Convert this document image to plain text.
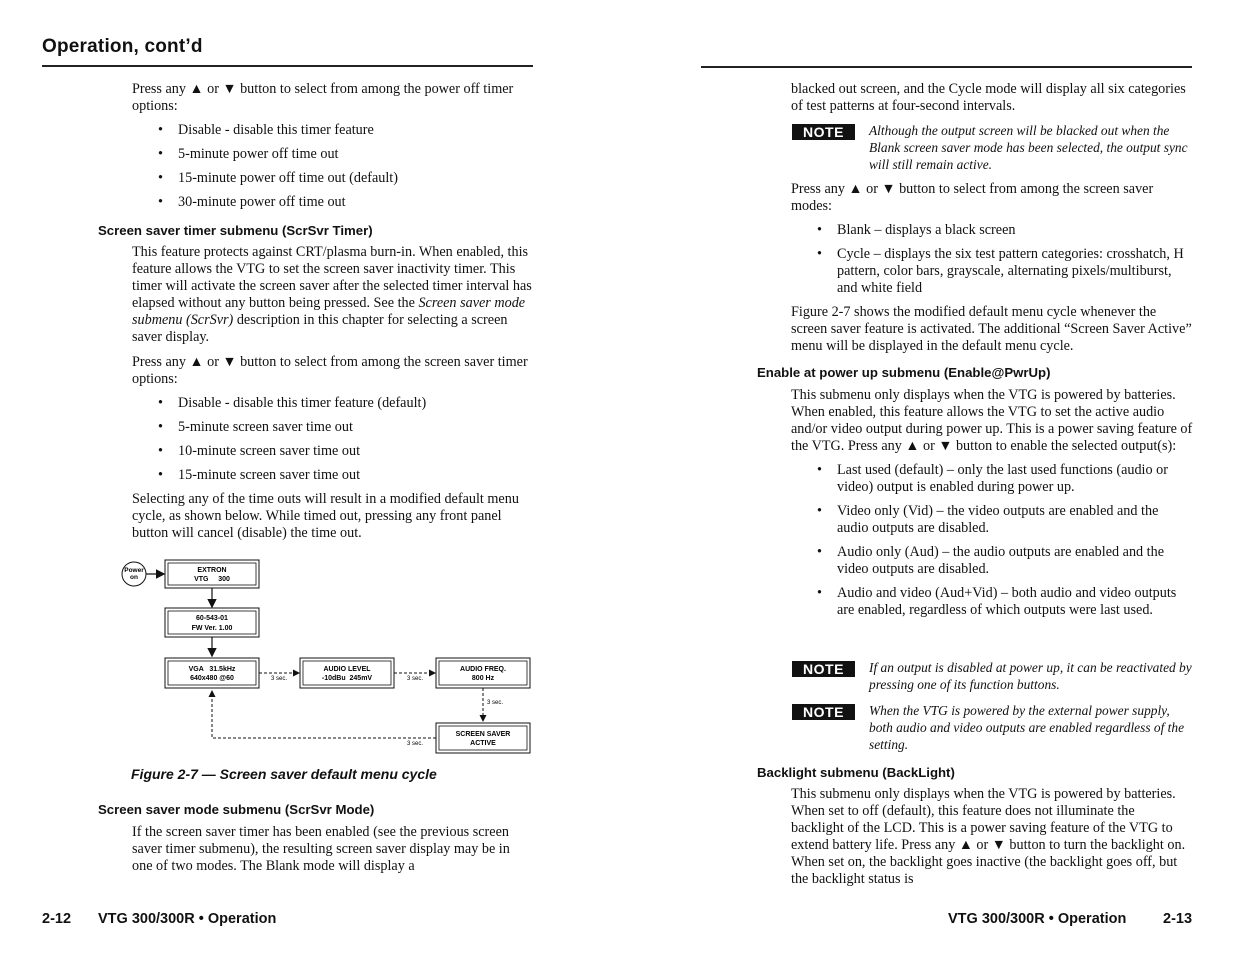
Operation, cont’d

Press any ▲ or ▼ button to select from among the power off timer options:

• Disable - disable this timer feature
• 5-minute power off time out
• 15-minute power off time out (default)
• 30-minute power off time out
Screen saver timer submenu (ScrSvr Timer)

This feature protects against CRT/plasma burn-in. When enabled, this feature allows the VTG to set the screen saver inactivity timer. This timer will activate the screen saver after the selected timer interval has elapsed without any button being pressed. See the Screen saver mode submenu (ScrSvr) description in this chapter for selecting a screen saver display.

Press any ▲ or ▼ button to select from among the screen saver timer options:

• Disable - disable this timer feature (default)
• 5-minute screen saver time out
• 10-minute screen saver time out
• 15-minute screen saver time out

Selecting any of the time outs will result in a modified default menu cycle, as shown below. While timed out, pressing any front panel button will cancel (disable) the time out.

Power
on
EXTRON
VTG     300
60-543-01
FW Ver. 1.00
VGA   31.5kHz
640x480 @60	3 sec.
AUDIO LEVEL
-10dBu  245mV	3 sec.
AUDIO FREQ.
800 Hz
3 sec.
SCREEN SAVER
ACTIVE
3 sec.
Figure 2-7 — Screen saver default menu cycle
Screen saver mode submenu (ScrSvr Mode)

If the screen saver timer has been enabled (see the previous screen saver timer submenu), the resulting screen saver display may be in one of two modes. The Blank mode will display a

2-12 VTG 300/300R • Operation

blacked out screen, and the Cycle mode will display all six categories of test patterns at four-second intervals.

NOTE	Although the output screen will be blacked out when the Blank screen saver mode has been selected, the output sync will still remain active.

Press any ▲ or ▼ button to select from among the screen saver modes:

• Blank – displays a black screen
• Cycle – displays the six test pattern categories: crosshatch, H pattern, color bars, grayscale, alternating pixels/multiburst, and white field

Figure 2-7 shows the modified default menu cycle whenever the screen saver feature is activated. The additional “Screen Saver Active” menu will be displayed in the default menu cycle.

Enable at power up submenu (Enable@PwrUp)

This submenu only displays when the VTG is powered by batteries. When enabled, this feature allows the VTG to set the active audio and/or video output during power up. This is a power saving feature of the VTG. Press any ▲ or ▼ button to enable the selected output(s):

• Last used (default) – only the last used functions (audio or video) output is enabled during power up.
• Video only (Vid) – the video outputs are enabled and the audio outputs are disabled.
• Audio only (Aud) – the audio outputs are enabled and the video outputs are disabled.
• Audio and video (Aud+Vid) – both audio and video outputs are enabled, regardless of which outputs were last used.
NOTE	If an output is disabled at power up, it can be reactivated by pressing one of its function buttons.
NOTE	When the VTG is powered by the external power supply, both audio and video outputs are enabled regardless of the setting.
Backlight submenu (BackLight)

This submenu only displays when the VTG is powered by batteries. When set to off (default), this feature does not illuminate the backlight of the LCD. This is a power saving feature of the VTG to extend battery life. Press any ▲ or ▼ button to turn the backlight on. When set on, the backlight goes inactive (the backlight goes off, but the backlight status is

VTG 300/300R • Operation	2-13
